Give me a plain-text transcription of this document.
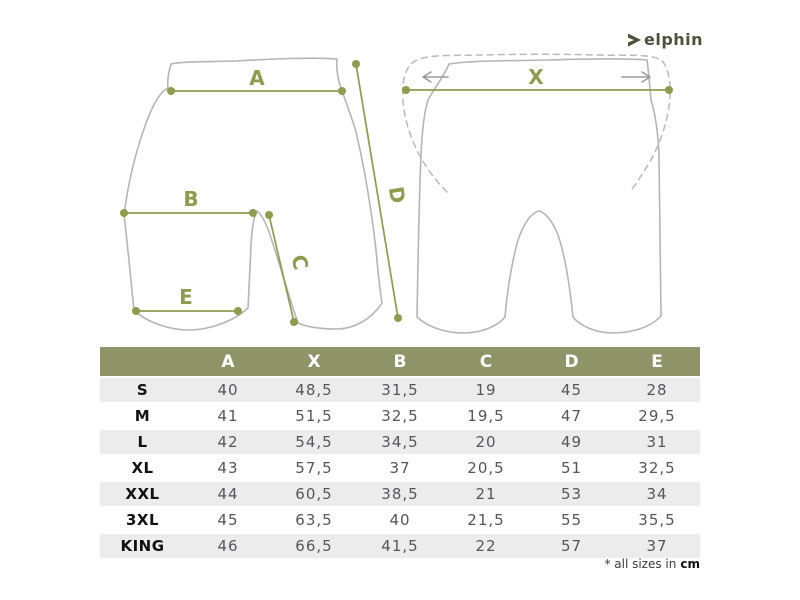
A
B
C
D
E
X
elphin
	A	X	B	C	D	E
S	40	48,5	31,5	19	45	28
M	41	51,5	32,5	19,5	47	29,5
L	42	54,5	34,5	20	49	31
XL	43	57,5	37	20,5	51	32,5
XXL	44	60,5	38,5	21	53	34
3XL	45	63,5	40	21,5	55	35,5
KING	46	66,5	41,5	22	57	37
* all sizes in cm
